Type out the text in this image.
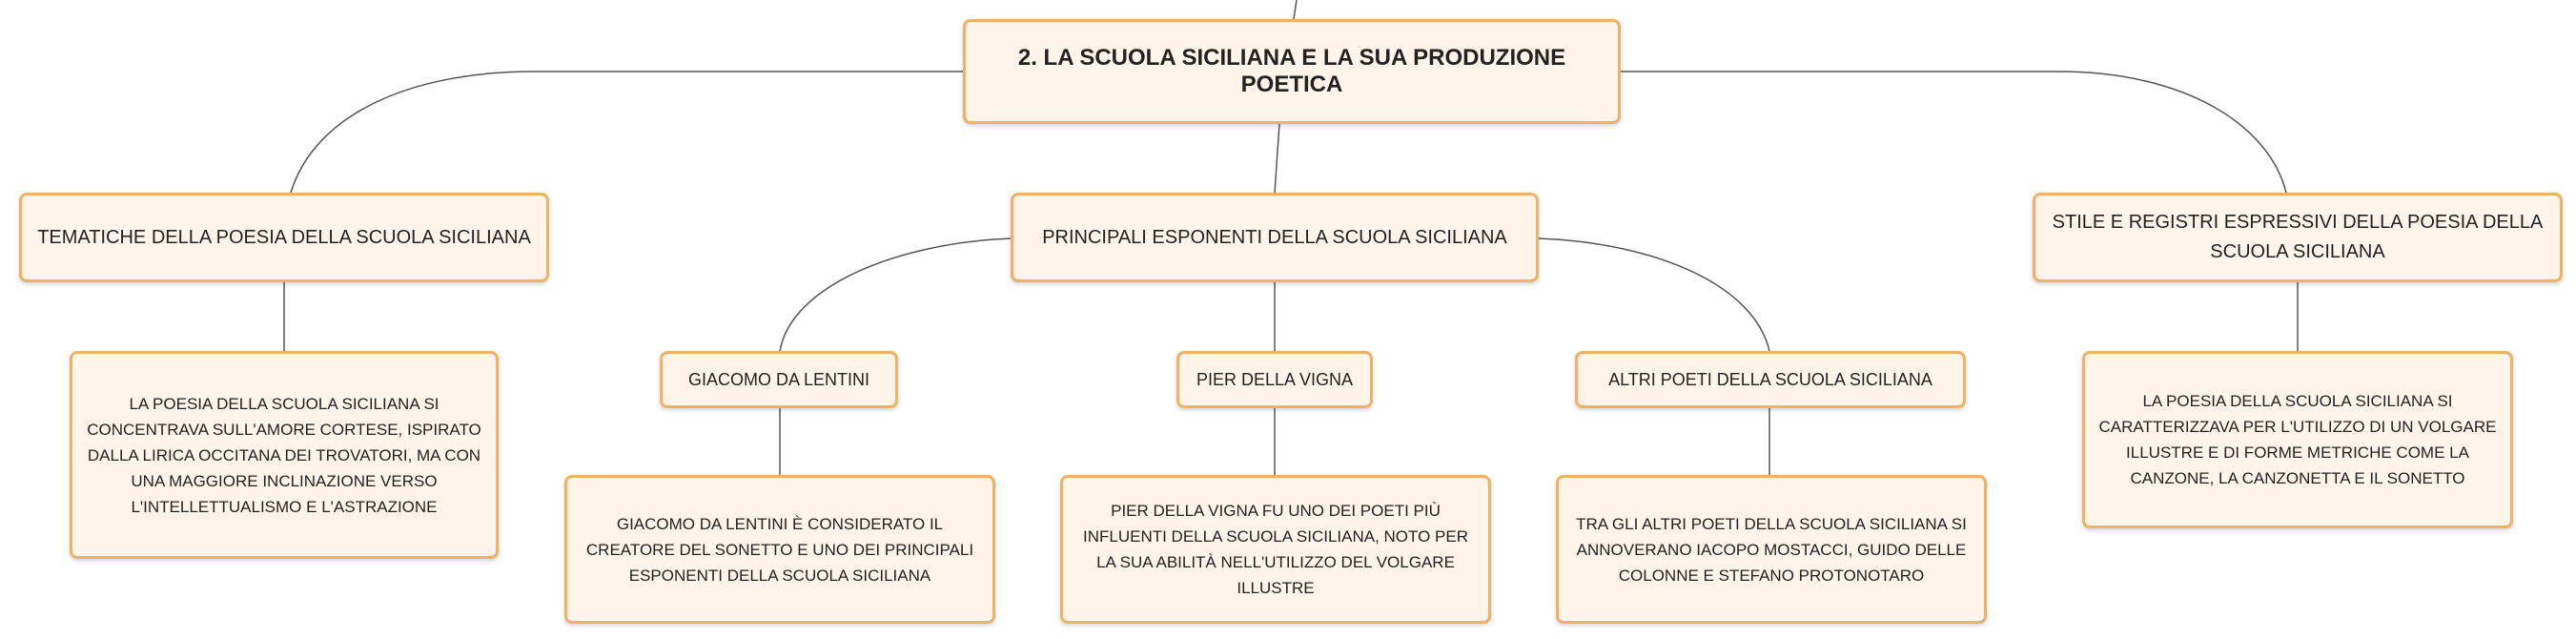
2. LA SCUOLA SICILIANA E LA SUA PRODUZIONE POETICA
TEMATICHE DELLA POESIA DELLA SCUOLA SICILIANA	PRINCIPALI ESPONENTI DELLA SCUOLA SICILIANA
STILE E REGISTRI ESPRESSIVI DELLA POESIA DELLA SCUOLA SICILIANA
LA POESIA DELLA SCUOLA SICILIANA SI CONCENTRAVA SULL'AMORE CORTESE, ISPIRATO DALLA LIRICA OCCITANA DEI TROVATORI, MA CON UNA MAGGIORE INCLINAZIONE VERSO L'INTELLETTUALISMO E L'ASTRAZIONE
LA POESIA DELLA SCUOLA SICILIANA SI CARATTERIZZAVA PER L'UTILIZZO DI UN VOLGARE ILLUSTRE E DI FORME METRICHE COME LA CANZONE, LA CANZONETTA E IL SONETTO
GIACOMO DA LENTINI	PIER DELLA VIGNA	ALTRI POETI DELLA SCUOLA SICILIANA
GIACOMO DA LENTINI È CONSIDERATO IL CREATORE DEL SONETTO E UNO DEI PRINCIPALI ESPONENTI DELLA SCUOLA SICILIANA
PIER DELLA VIGNA FU UNO DEI POETI PIÙ INFLUENTI DELLA SCUOLA SICILIANA, NOTO PER LA SUA ABILITÀ NELL'UTILIZZO DEL VOLGARE ILLUSTRE
TRA GLI ALTRI POETI DELLA SCUOLA SICILIANA SI ANNOVERANO IACOPO MOSTACCI, GUIDO DELLE COLONNE E STEFANO PROTONOTARO
